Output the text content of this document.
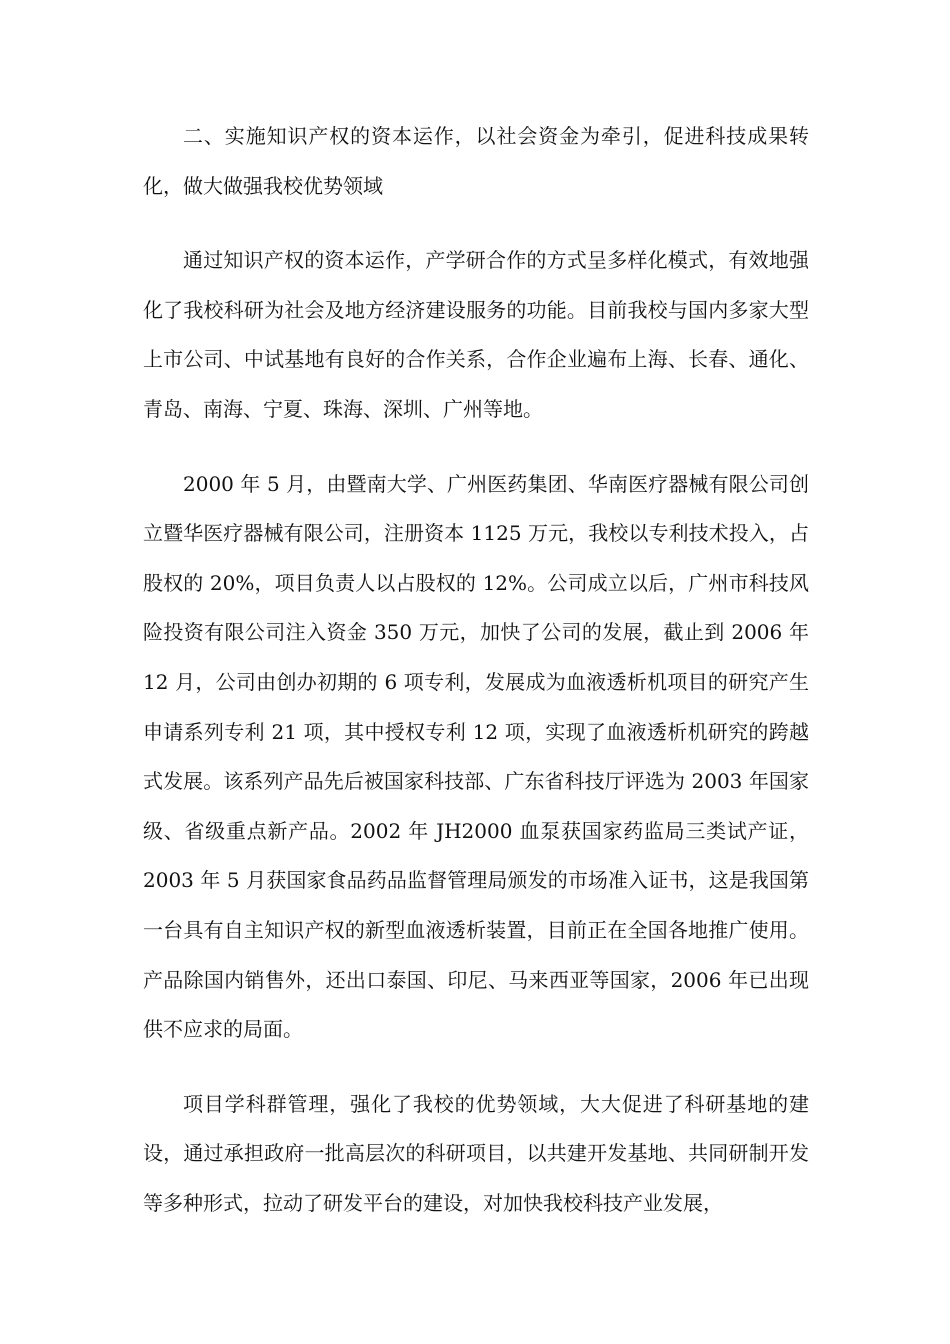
二、实施知识产权的资本运作，以社会资金为牵引，促进科技成果转化，做大做强我校优势领域

通过知识产权的资本运作，产学研合作的方式呈多样化模式，有效地强化了我校科研为社会及地方经济建设服务的功能。目前我校与国内多家大型上市公司、中试基地有良好的合作关系，合作企业遍布上海、长春、通化、青岛、南海、宁夏、珠海、深圳、广州等地。

2000 年 5 月，由暨南大学、广州医药集团、华南医疗器械有限公司创立暨华医疗器械有限公司，注册资本 1125 万元，我校以专利技术投入，占股权的 20%，项目负责人以占股权的 12%。公司成立以后，广州市科技风险投资有限公司注入资金 350 万元，加快了公司的发展，截止到 2006 年 12 月，公司由创办初期的 6 项专利，发展成为血液透析机项目的研究产生申请系列专利 21 项，其中授权专利 12 项，实现了血液透析机研究的跨越式发展。该系列产品先后被国家科技部、广东省科技厅评选为 2003 年国家级、省级重点新产品。2002 年 JH2000 血泵获国家药监局三类试产证，2003 年 5 月获国家食品药品监督管理局颁发的市场准入证书，这是我国第一台具有自主知识产权的新型血液透析装置，目前正在全国各地推广使用。产品除国内销售外，还出口泰国、印尼、马来西亚等国家，2006 年已出现供不应求的局面。

项目学科群管理，强化了我校的优势领域，大大促进了科研基地的建设，通过承担政府一批高层次的科研项目，以共建开发基地、共同研制开发等多种形式，拉动了研发平台的建设，对加快我校科技产业发展，
